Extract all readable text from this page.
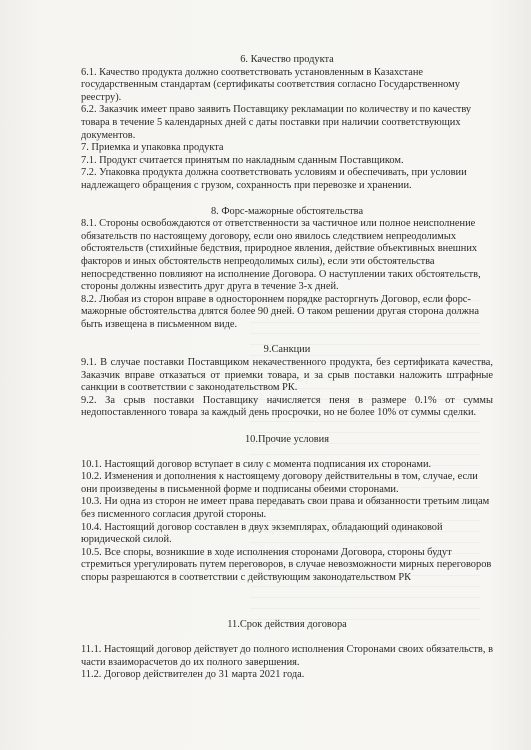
6. Качество продукта

6.1. Качество продукта должно соответствовать установленным в Казахстане государственным стандартам (сертификаты соответствия согласно Государственному реестру).

6.2. Заказчик имеет право заявить Поставщику рекламации по количеству и по качеству товара в течение 5 календарных дней с даты поставки при наличии соответствующих документов.

7. Приемка и упаковка продукта

7.1. Продукт считается принятым по накладным сданным Поставщиком.

7.2. Упаковка продукта должна соответствовать условиям и обеспечивать, при условии надлежащего обращения с грузом, сохранность при перевозке и хранении.

8. Форс-мажорные обстоятельства

8.1. Стороны освобождаются от ответственности за частичное или полное неисполнение обязательств по настоящему договору, если оно явилось следствием непреодолимых обстоятельств (стихийные бедствия, природное явления, действие объективных внешних факторов и иных обстоятельств непреодолимых силы), если эти обстоятельства непосредственно повлияют на исполнение Договора. О наступлении таких обстоятельств, стороны должны известить друг друга в течение 3-х дней.

8.2. Любая из сторон вправе в одностороннем порядке расторгнуть Договор, если форс-мажорные обстоятельства длятся более 90 дней. О таком решении другая сторона должна быть извещена в письменном виде.

9.Санкции

9.1. В случае поставки Поставщиком некачественного продукта, без сертификата качества, Заказчик вправе отказаться от приемки товара, и за срыв поставки наложить штрафные санкции в соответствии с законодательством РК.

9.2. За срыв поставки Поставщику начисляется пеня в размере 0.1% от суммы недопоставленного товара за каждый день просрочки, но не более 10% от суммы сделки.

10.Прочие условия

10.1. Настоящий договор вступает в силу с момента подписания их сторонами.

10.2. Изменения и дополнения к настоящему договору действительны в том, случае, если они произведены в письменной форме и подписаны обеими сторонами.

10.3. Ни одна из сторон не имеет права передавать свои права и обязанности третьим лицам без писменного согласия другой стороны.

10.4. Настоящий договор составлен в двух экземплярах, обладающий одинаковой юридической силой.

10.5. Все споры, возникшие в ходе исполнения сторонами Договора, стороны будут стремиться урегулировать путем переговоров, в случае невозможности мирных переговоров споры разрешаются в соответствии с действующим законодательством РК

11.Срок действия договора

11.1. Настоящий договор действует до полного исполнения Сторонами своих обязательств, в части взаиморасчетов до их полного завершения.

11.2. Договор действителен до 31 марта 2021 года.
